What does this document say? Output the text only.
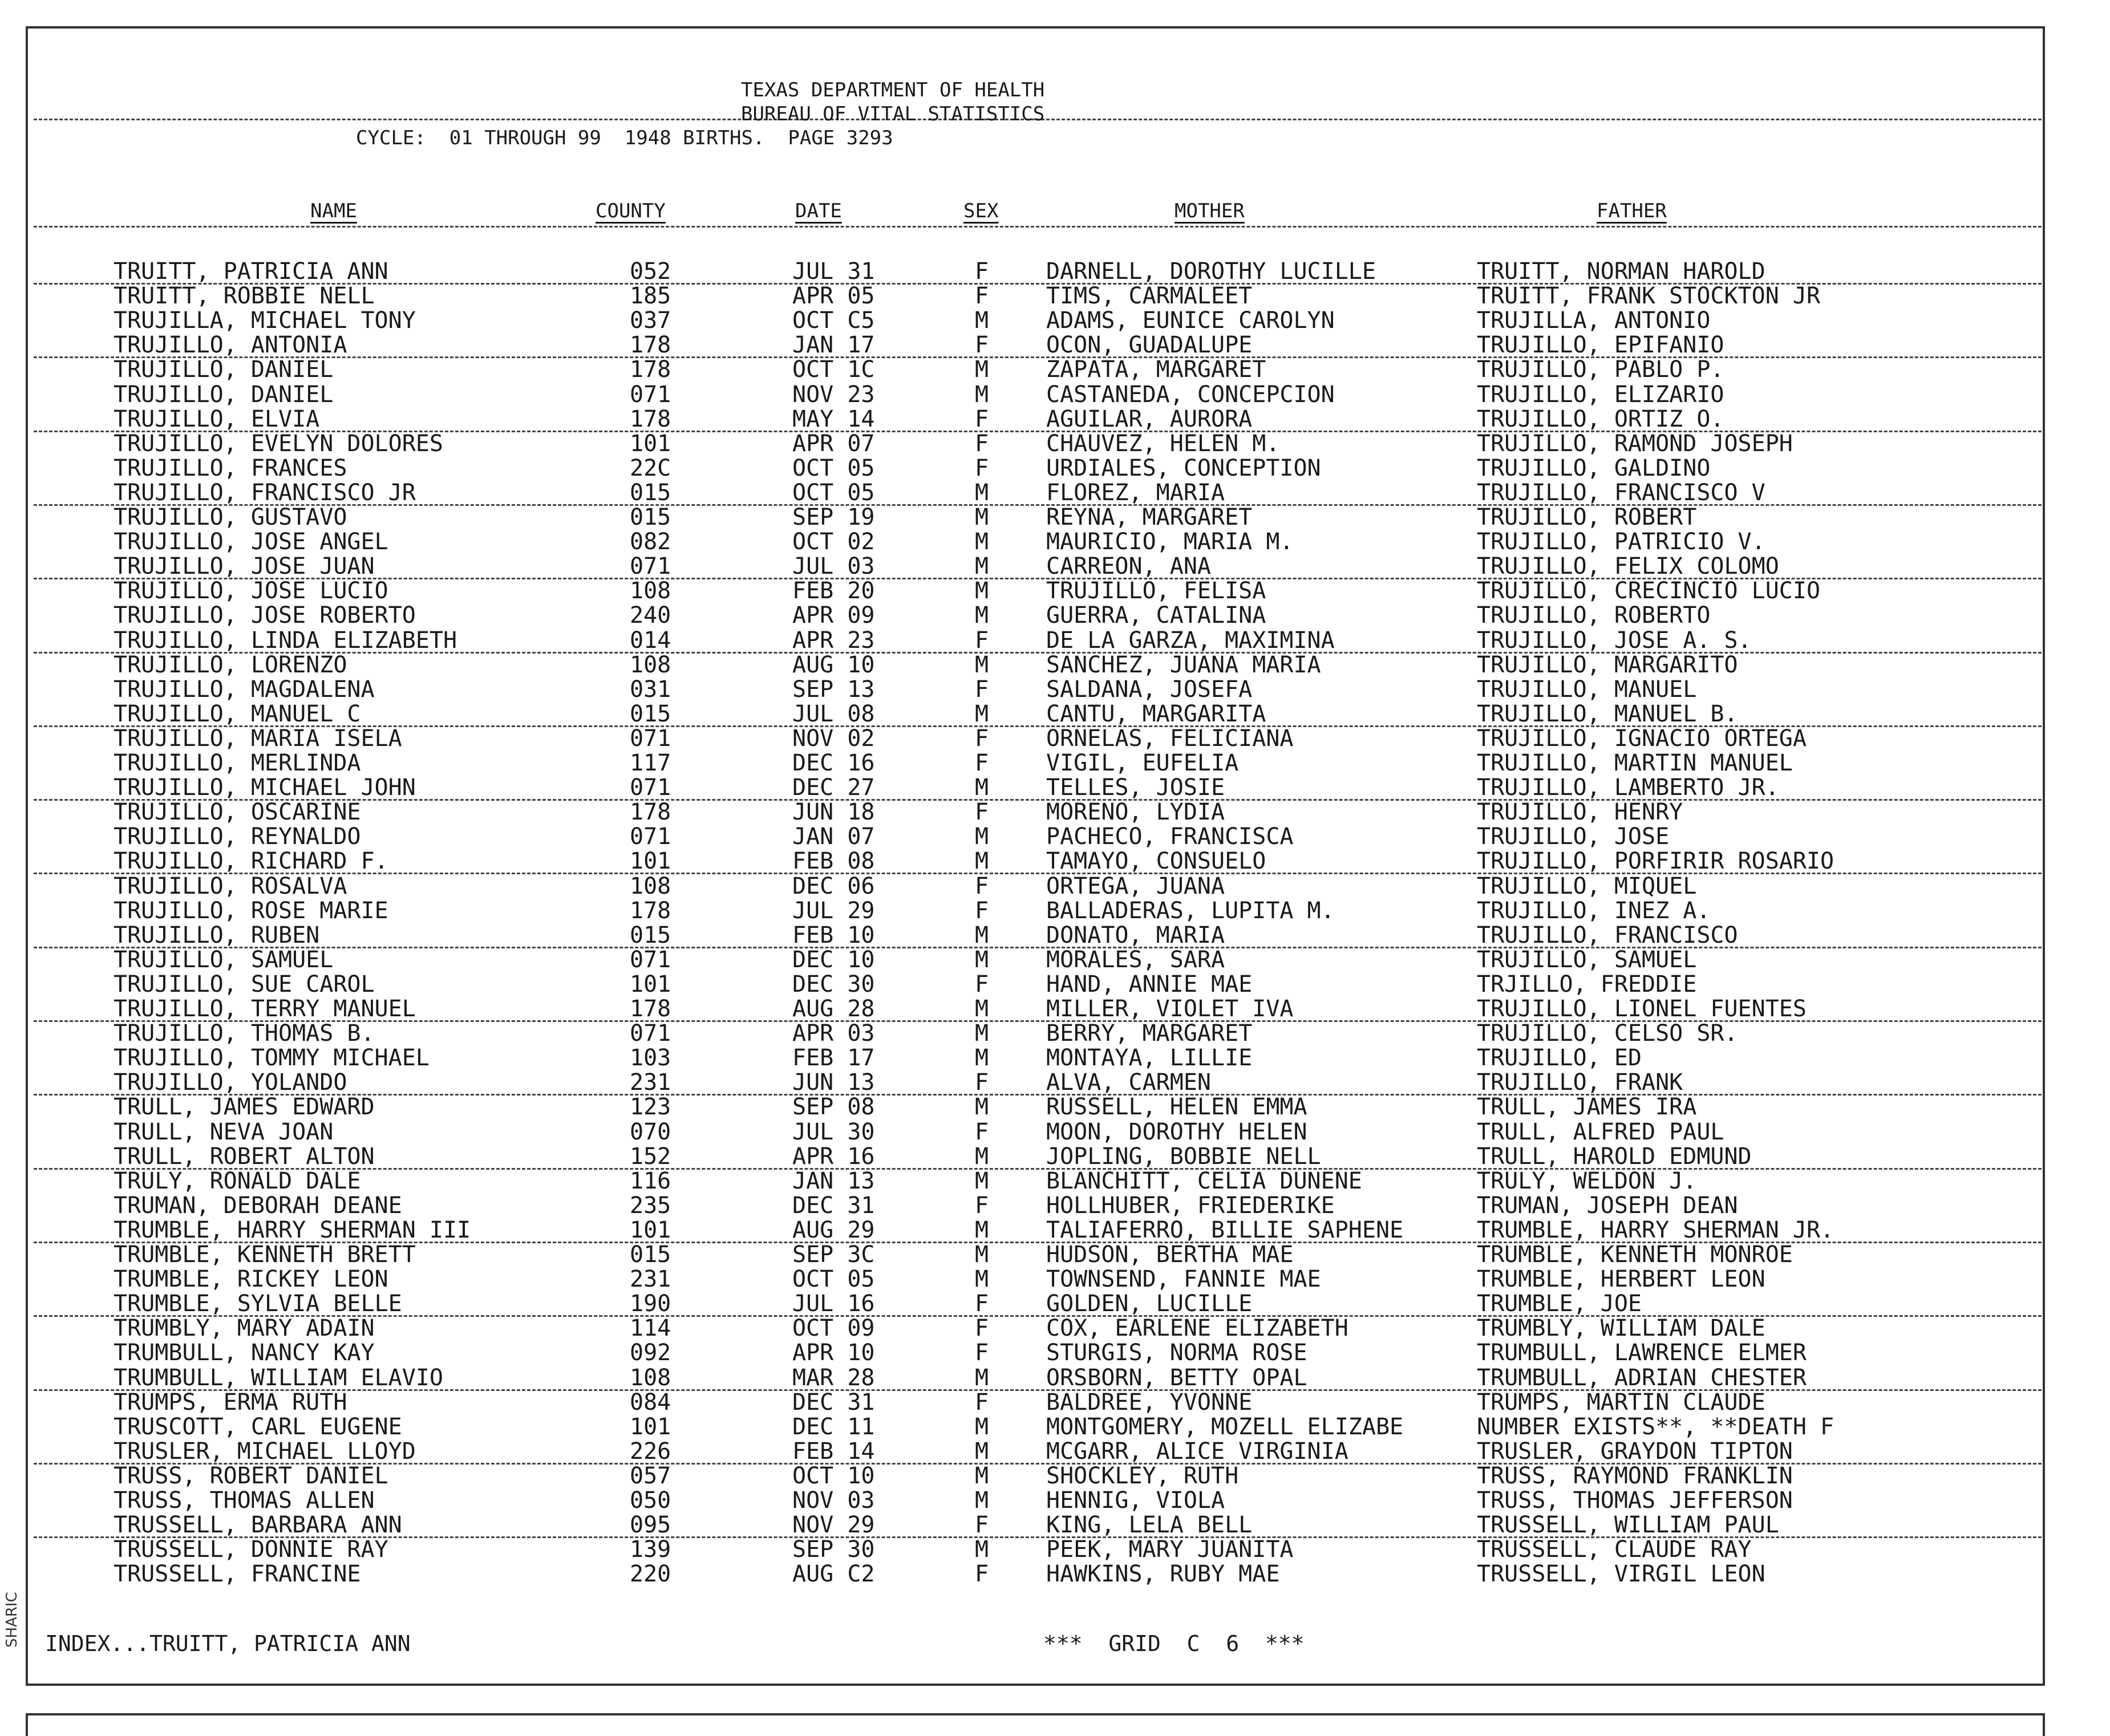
SHARIC
TEXAS DEPARTMENT OF HEALTH
BUREAU OF VITAL STATISTICS
CYCLE:  01 THROUGH 99  1948 BIRTHS.  PAGE 3293
NAME	COUNTY	DATE	SEX	MOTHER	FATHER
TRUITT, PATRICIA ANN	052	JUL 31	F	DARNELL, DOROTHY LUCILLE	TRUITT, NORMAN HAROLD
TRUITT, ROBBIE NELL	185	APR 05	F	TIMS, CARMALEET	TRUITT, FRANK STOCKTON JR
TRUJILLA, MICHAEL TONY	037	OCT C5	M	ADAMS, EUNICE CAROLYN	TRUJILLA, ANTONIO
TRUJILLO, ANTONIA	178	JAN 17	F	OCON, GUADALUPE	TRUJILLO, EPIFANIO
TRUJILLO, DANIEL	178	OCT 1C	M	ZAPATA, MARGARET	TRUJILLO, PABLO P.
TRUJILLO, DANIEL	071	NOV 23	M	CASTANEDA, CONCEPCION	TRUJILLO, ELIZARIO
TRUJILLO, ELVIA	178	MAY 14	F	AGUILAR, AURORA	TRUJILLO, ORTIZ O.
TRUJILLO, EVELYN DOLORES	101	APR 07	F	CHAUVEZ, HELEN M.	TRUJILLO, RAMOND JOSEPH
TRUJILLO, FRANCES	22C	OCT 05	F	URDIALES, CONCEPTION	TRUJILLO, GALDINO
TRUJILLO, FRANCISCO JR	015	OCT 05	M	FLOREZ, MARIA	TRUJILLO, FRANCISCO V
TRUJILLO, GUSTAVO	015	SEP 19	M	REYNA, MARGARET	TRUJILLO, ROBERT
TRUJILLO, JOSE ANGEL	082	OCT 02	M	MAURICIO, MARIA M.	TRUJILLO, PATRICIO V.
TRUJILLO, JOSE JUAN	071	JUL 03	M	CARREON, ANA	TRUJILLO, FELIX COLOMO
TRUJILLO, JOSE LUCIO	108	FEB 20	M	TRUJILLO, FELISA	TRUJILLO, CRECINCIO LUCIO
TRUJILLO, JOSE ROBERTO	240	APR 09	M	GUERRA, CATALINA	TRUJILLO, ROBERTO
TRUJILLO, LINDA ELIZABETH	014	APR 23	F	DE LA GARZA, MAXIMINA	TRUJILLO, JOSE A. S.
TRUJILLO, LORENZO	108	AUG 10	M	SANCHEZ, JUANA MARIA	TRUJILLO, MARGARITO
TRUJILLO, MAGDALENA	031	SEP 13	F	SALDANA, JOSEFA	TRUJILLO, MANUEL
TRUJILLO, MANUEL C	015	JUL 08	M	CANTU, MARGARITA	TRUJILLO, MANUEL B.
TRUJILLO, MARIA ISELA	071	NOV 02	F	ORNELAS, FELICIANA	TRUJILLO, IGNACIO ORTEGA
TRUJILLO, MERLINDA	117	DEC 16	F	VIGIL, EUFELIA	TRUJILLO, MARTIN MANUEL
TRUJILLO, MICHAEL JOHN	071	DEC 27	M	TELLES, JOSIE	TRUJILLO, LAMBERTO JR.
TRUJILLO, OSCARINE	178	JUN 18	F	MORENO, LYDIA	TRUJILLO, HENRY
TRUJILLO, REYNALDO	071	JAN 07	M	PACHECO, FRANCISCA	TRUJILLO, JOSE
TRUJILLO, RICHARD F.	101	FEB 08	M	TAMAYO, CONSUELO	TRUJILLO, PORFIRIR ROSARIO
TRUJILLO, ROSALVA	108	DEC 06	F	ORTEGA, JUANA	TRUJILLO, MIQUEL
TRUJILLO, ROSE MARIE	178	JUL 29	F	BALLADERAS, LUPITA M.	TRUJILLO, INEZ A.
TRUJILLO, RUBEN	015	FEB 10	M	DONATO, MARIA	TRUJILLO, FRANCISCO
TRUJILLO, SAMUEL	071	DEC 10	M	MORALES, SARA	TRUJILLO, SAMUEL
TRUJILLO, SUE CAROL	101	DEC 30	F	HAND, ANNIE MAE	TRJILLO, FREDDIE
TRUJILLO, TERRY MANUEL	178	AUG 28	M	MILLER, VIOLET IVA	TRUJILLO, LIONEL FUENTES
TRUJILLO, THOMAS B.	071	APR 03	M	BERRY, MARGARET	TRUJILLO, CELSO SR.
TRUJILLO, TOMMY MICHAEL	103	FEB 17	M	MONTAYA, LILLIE	TRUJILLO, ED
TRUJILLO, YOLANDO	231	JUN 13	F	ALVA, CARMEN	TRUJILLO, FRANK
TRULL, JAMES EDWARD	123	SEP 08	M	RUSSELL, HELEN EMMA	TRULL, JAMES IRA
TRULL, NEVA JOAN	070	JUL 30	F	MOON, DOROTHY HELEN	TRULL, ALFRED PAUL
TRULL, ROBERT ALTON	152	APR 16	M	JOPLING, BOBBIE NELL	TRULL, HAROLD EDMUND
TRULY, RONALD DALE	116	JAN 13	M	BLANCHITT, CELIA DUNENE	TRULY, WELDON J.
TRUMAN, DEBORAH DEANE	235	DEC 31	F	HOLLHUBER, FRIEDERIKE	TRUMAN, JOSEPH DEAN
TRUMBLE, HARRY SHERMAN III	101	AUG 29	M	TALIAFERRO, BILLIE SAPHENE	TRUMBLE, HARRY SHERMAN JR.
TRUMBLE, KENNETH BRETT	015	SEP 3C	M	HUDSON, BERTHA MAE	TRUMBLE, KENNETH MONROE
TRUMBLE, RICKEY LEON	231	OCT 05	M	TOWNSEND, FANNIE MAE	TRUMBLE, HERBERT LEON
TRUMBLE, SYLVIA BELLE	190	JUL 16	F	GOLDEN, LUCILLE	TRUMBLE, JOE
TRUMBLY, MARY ADAIN	114	OCT 09	F	COX, EARLENE ELIZABETH	TRUMBLY, WILLIAM DALE
TRUMBULL, NANCY KAY	092	APR 10	F	STURGIS, NORMA ROSE	TRUMBULL, LAWRENCE ELMER
TRUMBULL, WILLIAM ELAVIO	108	MAR 28	M	ORSBORN, BETTY OPAL	TRUMBULL, ADRIAN CHESTER
TRUMPS, ERMA RUTH	084	DEC 31	F	BALDREE, YVONNE	TRUMPS, MARTIN CLAUDE
TRUSCOTT, CARL EUGENE	101	DEC 11	M	MONTGOMERY, MOZELL ELIZABE	NUMBER EXISTS**, **DEATH F
TRUSLER, MICHAEL LLOYD	226	FEB 14	M	MCGARR, ALICE VIRGINIA	TRUSLER, GRAYDON TIPTON
TRUSS, ROBERT DANIEL	057	OCT 10	M	SHOCKLEY, RUTH	TRUSS, RAYMOND FRANKLIN
TRUSS, THOMAS ALLEN	050	NOV 03	M	HENNIG, VIOLA	TRUSS, THOMAS JEFFERSON
TRUSSELL, BARBARA ANN	095	NOV 29	F	KING, LELA BELL	TRUSSELL, WILLIAM PAUL
TRUSSELL, DONNIE RAY	139	SEP 30	M	PEEK, MARY JUANITA	TRUSSELL, CLAUDE RAY
TRUSSELL, FRANCINE	220	AUG C2	F	HAWKINS, RUBY MAE	TRUSSELL, VIRGIL LEON
INDEX...TRUITT, PATRICIA ANN	***  GRID  C  6  ***
